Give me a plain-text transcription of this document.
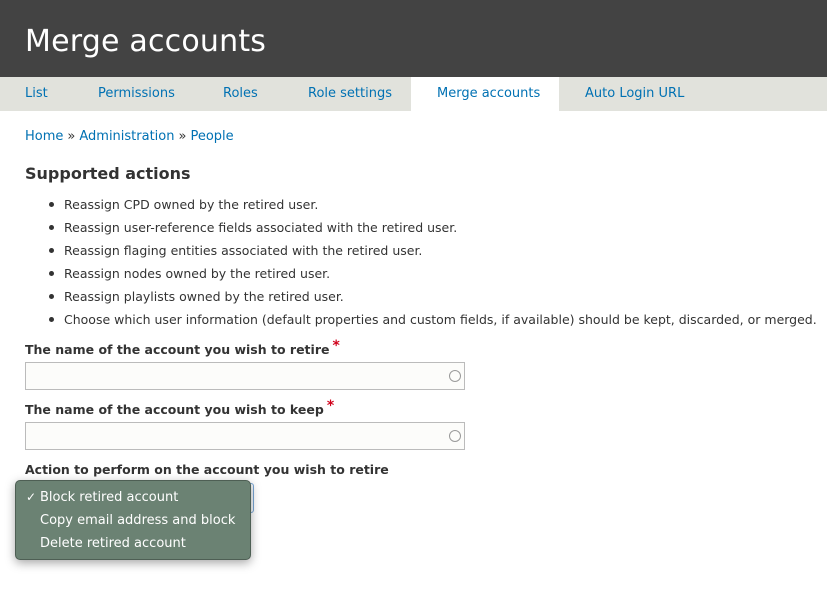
Merge accounts
List	Permissions	Roles	Role settings	Merge accounts	Auto Login URL
Home » Administration » People
Supported actions
Reassign CPD owned by the retired user.
Reassign user-reference fields associated with the retired user.
Reassign flaging entities associated with the retired user.
Reassign nodes owned by the retired user.
Reassign playlists owned by the retired user.
Choose which user information (default properties and custom fields, if available) should be kept, discarded, or merged.
The name of the account you wish to retire *
The name of the account you wish to keep *
Action to perform on the account you wish to retire
✓ Block retired account
Copy email address and block
Delete retired account
